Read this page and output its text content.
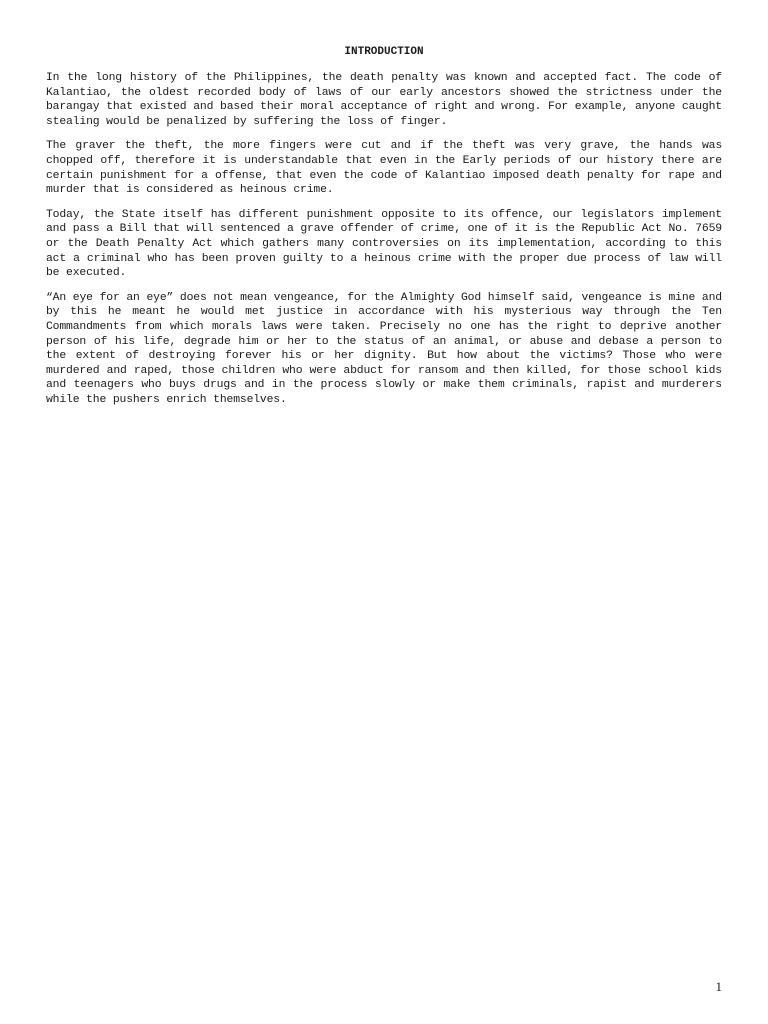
INTRODUCTION

In the long history of the Philippines, the death penalty was known and accepted fact. The code of Kalantiao, the oldest recorded body of laws of our early ancestors showed the strictness under the barangay that existed and based their moral acceptance of right and wrong. For example, anyone caught stealing would be penalized by suffering the loss of finger.

The graver the theft, the more fingers were cut and if the theft was very grave, the hands was chopped off, therefore it is understandable that even in the Early periods of our history there are certain punishment for a offense, that even the code of Kalantiao imposed death penalty for rape and murder that is considered as heinous crime.

Today, the State itself has different punishment opposite to its offence, our legislators implement and pass a Bill that will sentenced a grave offender of crime, one of it is the Republic Act No. 7659 or the Death Penalty Act which gathers many controversies on its implementation, according to this act a criminal who has been proven guilty to a heinous crime with the proper due process of law will be executed.

“An eye for an eye” does not mean vengeance, for the Almighty God himself said, vengeance is mine and by this he meant he would met justice in accordance with his mysterious way through the Ten Commandments from which morals laws were taken. Precisely no one has the right to deprive another person of his life, degrade him or her to the status of an animal, or abuse and debase a person to the extent of destroying forever his or her dignity. But how about the victims? Those who were murdered and raped, those children who were abduct for ransom and then killed, for those school kids and teenagers who buys drugs and in the process slowly or make them criminals, rapist and murderers while the pushers enrich themselves.

1
